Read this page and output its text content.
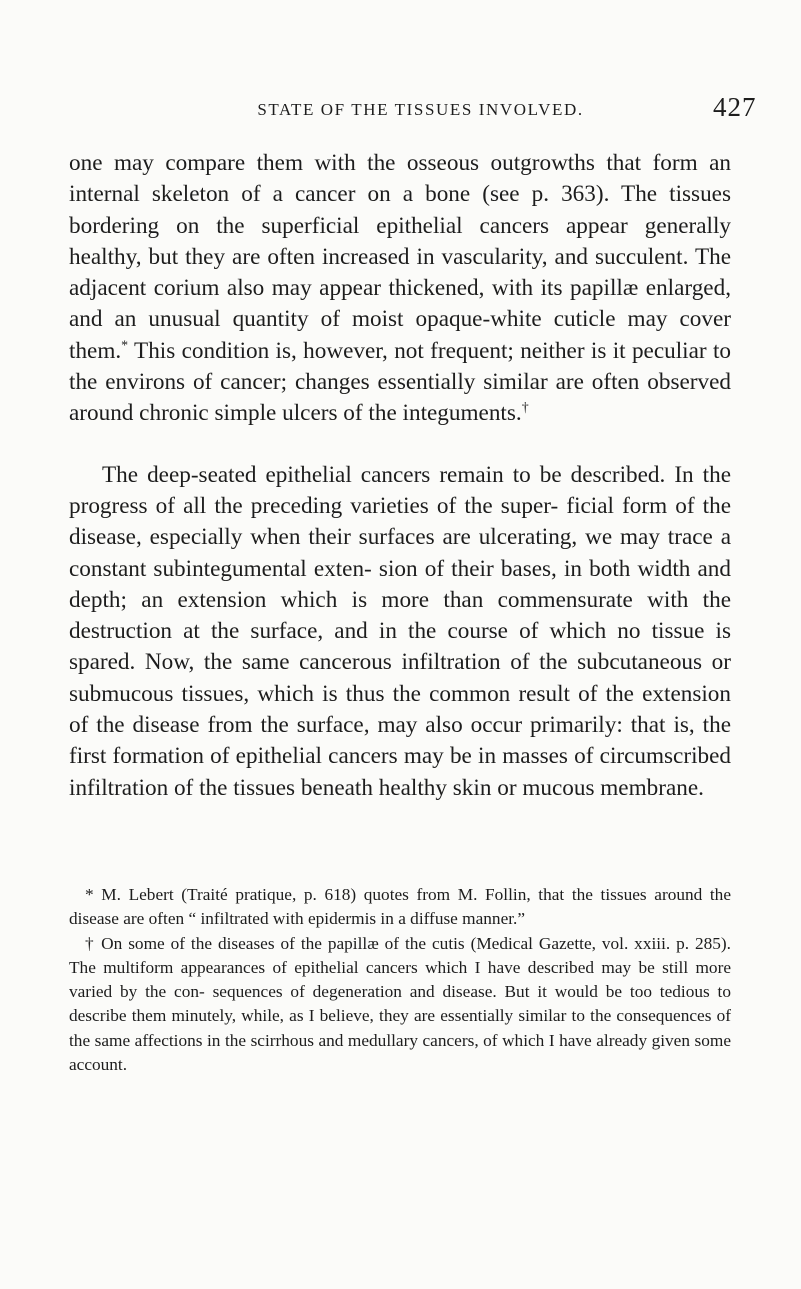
STATE OF THE TISSUES INVOLVED.	427

one may compare them with the osseous outgrowths that form an internal skeleton of a cancer on a bone (see p. 363). The tissues bordering on the superficial epithelial cancers appear generally healthy, but they are often increased in vascularity, and succulent. The adjacent corium also may appear thickened, with its papillæ enlarged, and an unusual quantity of moist opaque-white cuticle may cover them.* This condition is, however, not frequent; neither is it peculiar to the environs of cancer; changes essentially similar are often observed around chronic simple ulcers of the integuments.†

The deep-seated epithelial cancers remain to be described. In the progress of all the preceding varieties of the super- ficial form of the disease, especially when their surfaces are ulcerating, we may trace a constant subintegumental exten- sion of their bases, in both width and depth; an extension which is more than commensurate with the destruction at the surface, and in the course of which no tissue is spared. Now, the same cancerous infiltration of the subcutaneous or submucous tissues, which is thus the common result of the extension of the disease from the surface, may also occur primarily: that is, the first formation of epithelial cancers may be in masses of circumscribed infiltration of the tissues beneath healthy skin or mucous membrane.

* M. Lebert (Traité pratique, p. 618) quotes from M. Follin, that the tissues around the disease are often “ infiltrated with epidermis in a diffuse manner.”

† On some of the diseases of the papillæ of the cutis (Medical Gazette, vol. xxiii. p. 285). The multiform appearances of epithelial cancers which I have described may be still more varied by the con- sequences of degeneration and disease. But it would be too tedious to describe them minutely, while, as I believe, they are essentially similar to the consequences of the same affections in the scirrhous and medullary cancers, of which I have already given some account.
